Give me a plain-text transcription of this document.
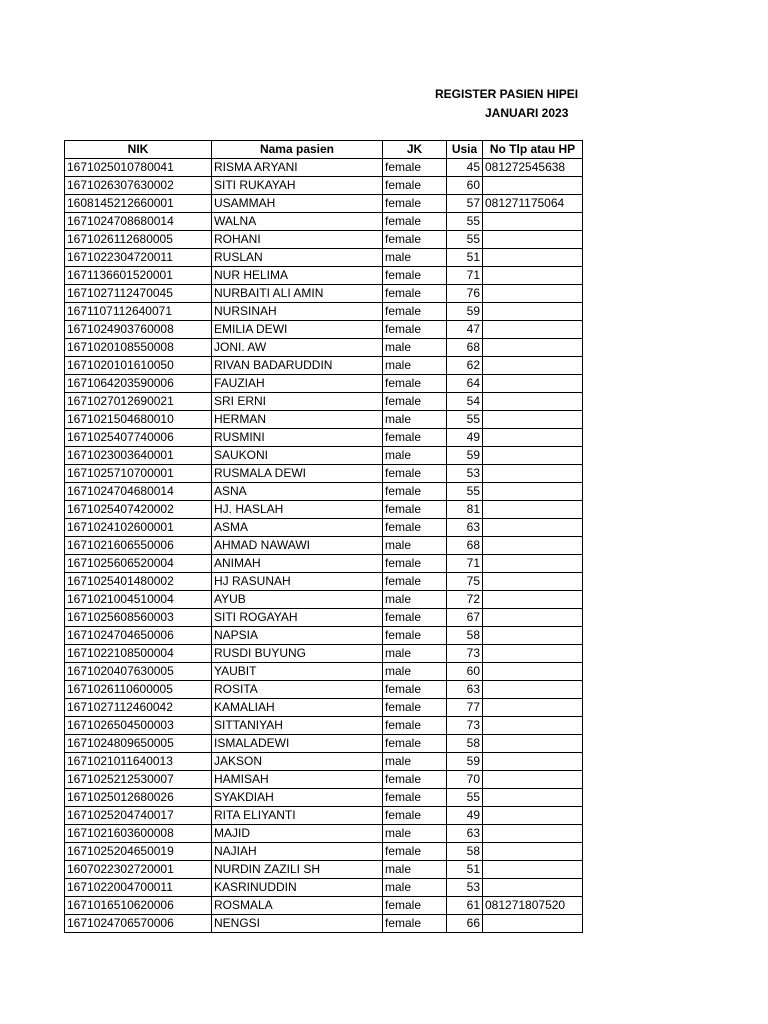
REGISTER PASIEN HIPEI
JANUARI 2023
NIK	Nama pasien	JK	Usia	No Tlp atau HP
1671025010780041	RISMA ARYANI	female	45	081272545638
1671026307630002	SITI RUKAYAH	female	60	
1608145212660001	USAMMAH	female	57	081271175064
1671024708680014	WALNA	female	55	
1671026112680005	ROHANI	female	55	
1671022304720011	RUSLAN	male	51	
1671136601520001	NUR HELIMA	female	71	
1671027112470045	NURBAITI ALI AMIN	female	76	
1671107112640071	NURSINAH	female	59	
1671024903760008	EMILIA DEWI	female	47	
1671020108550008	JONI. AW	male	68	
1671020101610050	RIVAN BADARUDDIN	male	62	
1671064203590006	FAUZIAH	female	64	
1671027012690021	SRI ERNI	female	54	
1671021504680010	HERMAN	male	55	
1671025407740006	RUSMINI	female	49	
1671023003640001	SAUKONI	male	59	
1671025710700001	RUSMALA DEWI	female	53	
1671024704680014	ASNA	female	55	
1671025407420002	HJ. HASLAH	female	81	
1671024102600001	ASMA	female	63	
1671021606550006	AHMAD NAWAWI	male	68	
1671025606520004	ANIMAH	female	71	
1671025401480002	HJ RASUNAH	female	75	
1671021004510004	AYUB	male	72	
1671025608560003	SITI ROGAYAH	female	67	
1671024704650006	NAPSIA	female	58	
1671022108500004	RUSDI BUYUNG	male	73	
1671020407630005	YAUBIT	male	60	
1671026110600005	ROSITA	female	63	
1671027112460042	KAMALIAH	female	77	
1671026504500003	SITTANIYAH	female	73	
1671024809650005	ISMALADEWI	female	58	
1671021011640013	JAKSON	male	59	
1671025212530007	HAMISAH	female	70	
1671025012680026	SYAKDIAH	female	55	
1671025204740017	RITA ELIYANTI	female	49	
1671021603600008	MAJID	male	63	
1671025204650019	NAJIAH	female	58	
1607022302720001	NURDIN ZAZILI SH	male	51	
1671022004700011	KASRINUDDIN	male	53	
1671016510620006	ROSMALA	female	61	081271807520
1671024706570006	NENGSI	female	66	
